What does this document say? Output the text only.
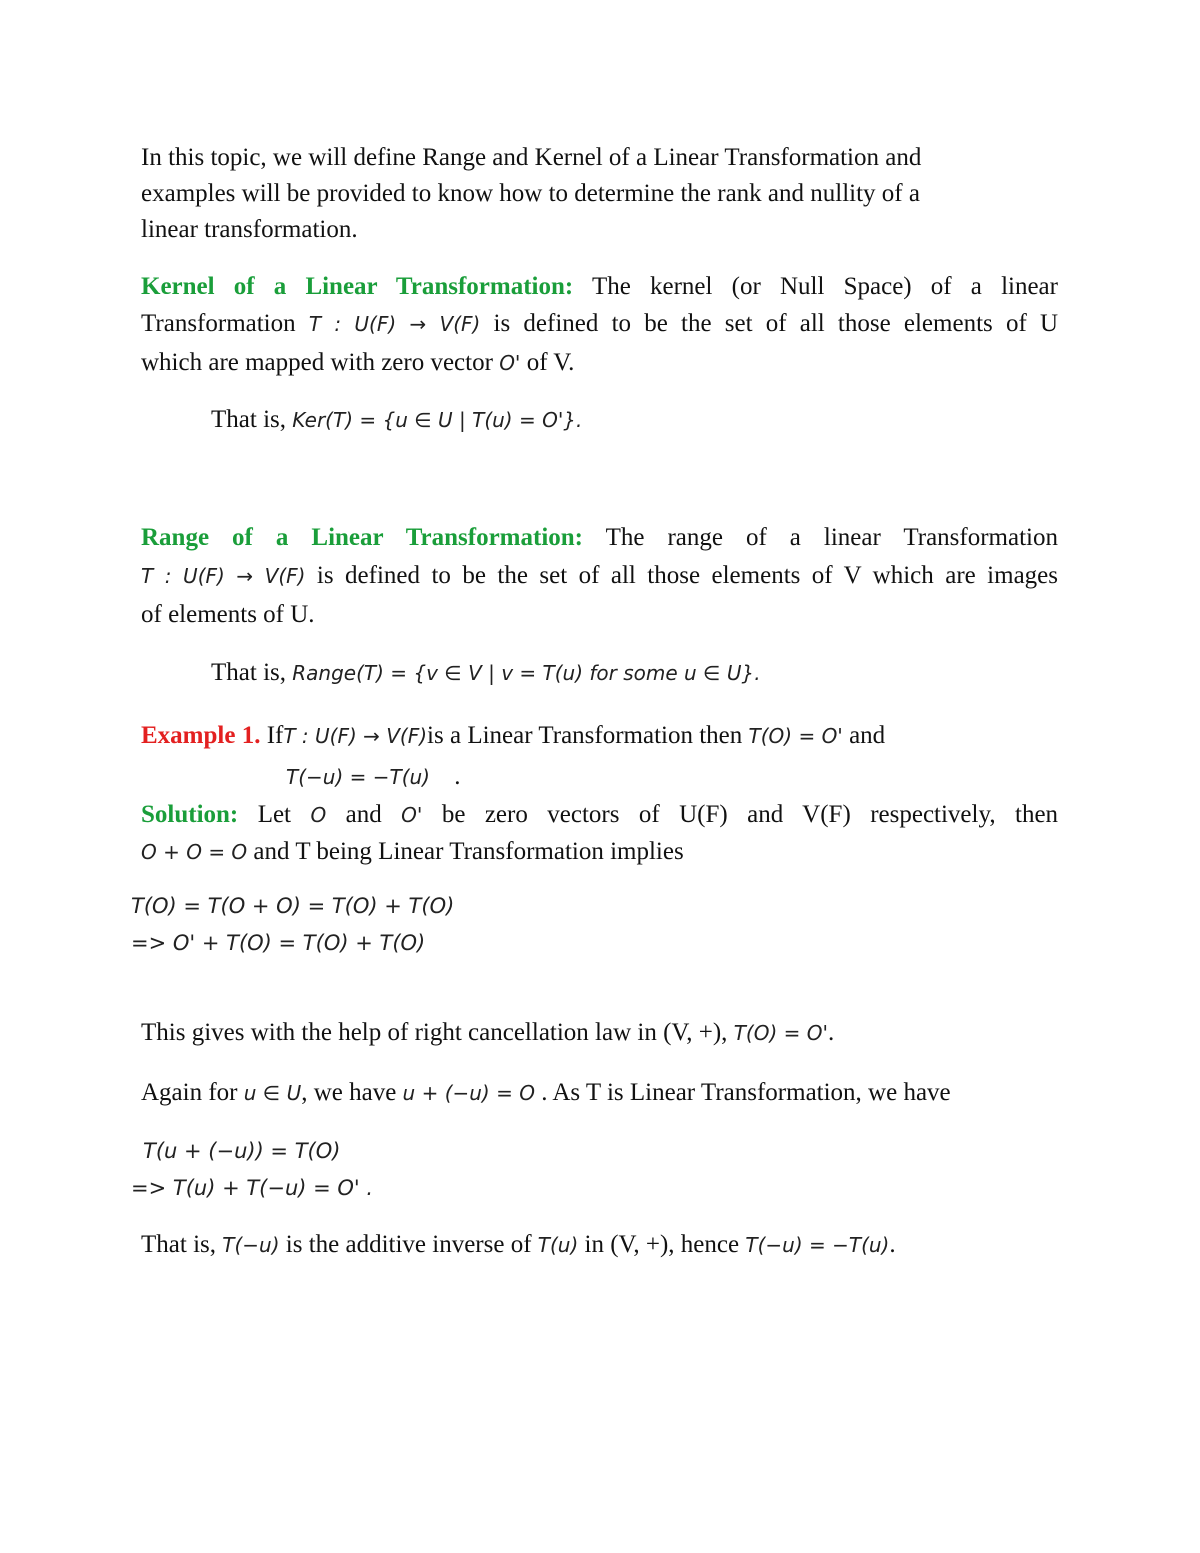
In this topic, we will define Range and Kernel of a Linear Transformation and
examples will be provided to know how to determine the rank and nullity of a
linear transformation.
Kernel of a Linear Transformation: The kernel (or Null Space) of a linear
Transformation T : U(F) → V(F) is defined to be the set of all those elements of U
which are mapped with zero vector O' of V.
That is, Ker(T) = {u ∈ U | T(u) = O'}.
Range of a Linear Transformation: The range of a linear Transformation
T : U(F) → V(F) is defined to be the set of all those elements of V which are images
of elements of U.
That is, Range(T) = {v ∈ V | v = T(u) for some u ∈ U}.
Example 1. IfT : U(F) → V(F)is a Linear Transformation then T(O) = O' and
T(−u) = −T(u) .
Solution: Let O and O' be zero vectors of U(F) and V(F) respectively, then
O + O = O and T being Linear Transformation implies
T(O) = T(O + O) = T(O) + T(O)
=> O' + T(O) = T(O) + T(O)
This gives with the help of right cancellation law in (V, +), T(O) = O'.
Again for u ∈ U, we have u + (−u) = O . As T is Linear Transformation, we have
T(u + (−u)) = T(O)
=> T(u) + T(−u) = O' .
That is, T(−u) is the additive inverse of T(u) in (V, +), hence T(−u) = −T(u).
